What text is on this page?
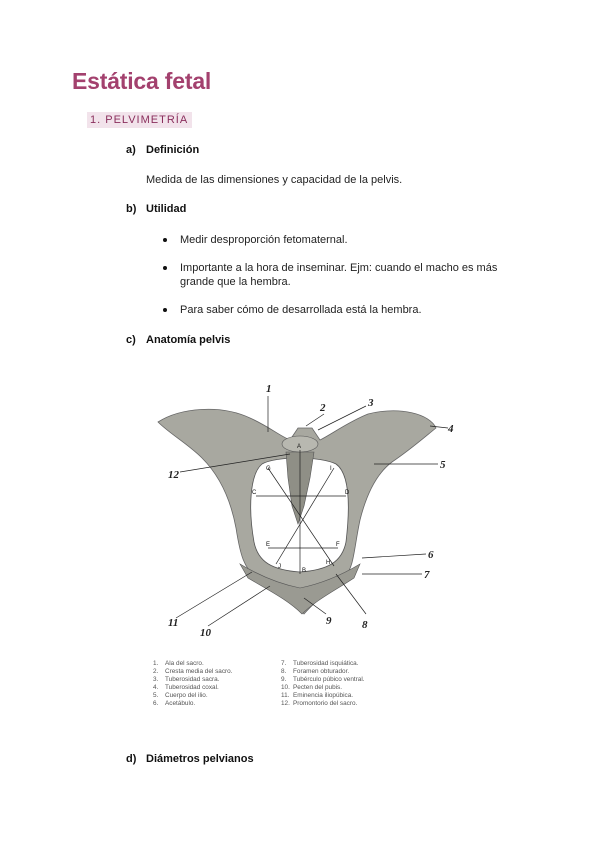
Estática fetal
1. PELVIMETRÍA
a) Definición
Medida de las dimensiones y capacidad de la pelvis.
b) Utilidad
Medir desproporción fetomaternal.
Importante a la hora de inseminar. Ejm: cuando el macho es más grande que la hembra.
Para saber cómo de desarrollada está la hembra.
c) Anatomía pelvis
1
2	3
4
5
6
7
8
9
10
11
12
A
B
C	D
E	F
G
H
I
J
1. Ala del sacro.
2. Cresta media del sacro.
3. Tuberosidad sacra.
4. Tuberosidad coxal.
5. Cuerpo del ilio.
6. Acetábulo.
7. Tuberosidad isquiática.
8. Foramen obturador.
9. Tubérculo púbico ventral.
10. Pecten del pubis.
11. Eminencia iliopúbica.
12. Promontorio del sacro.
d) Diámetros pelvianos
